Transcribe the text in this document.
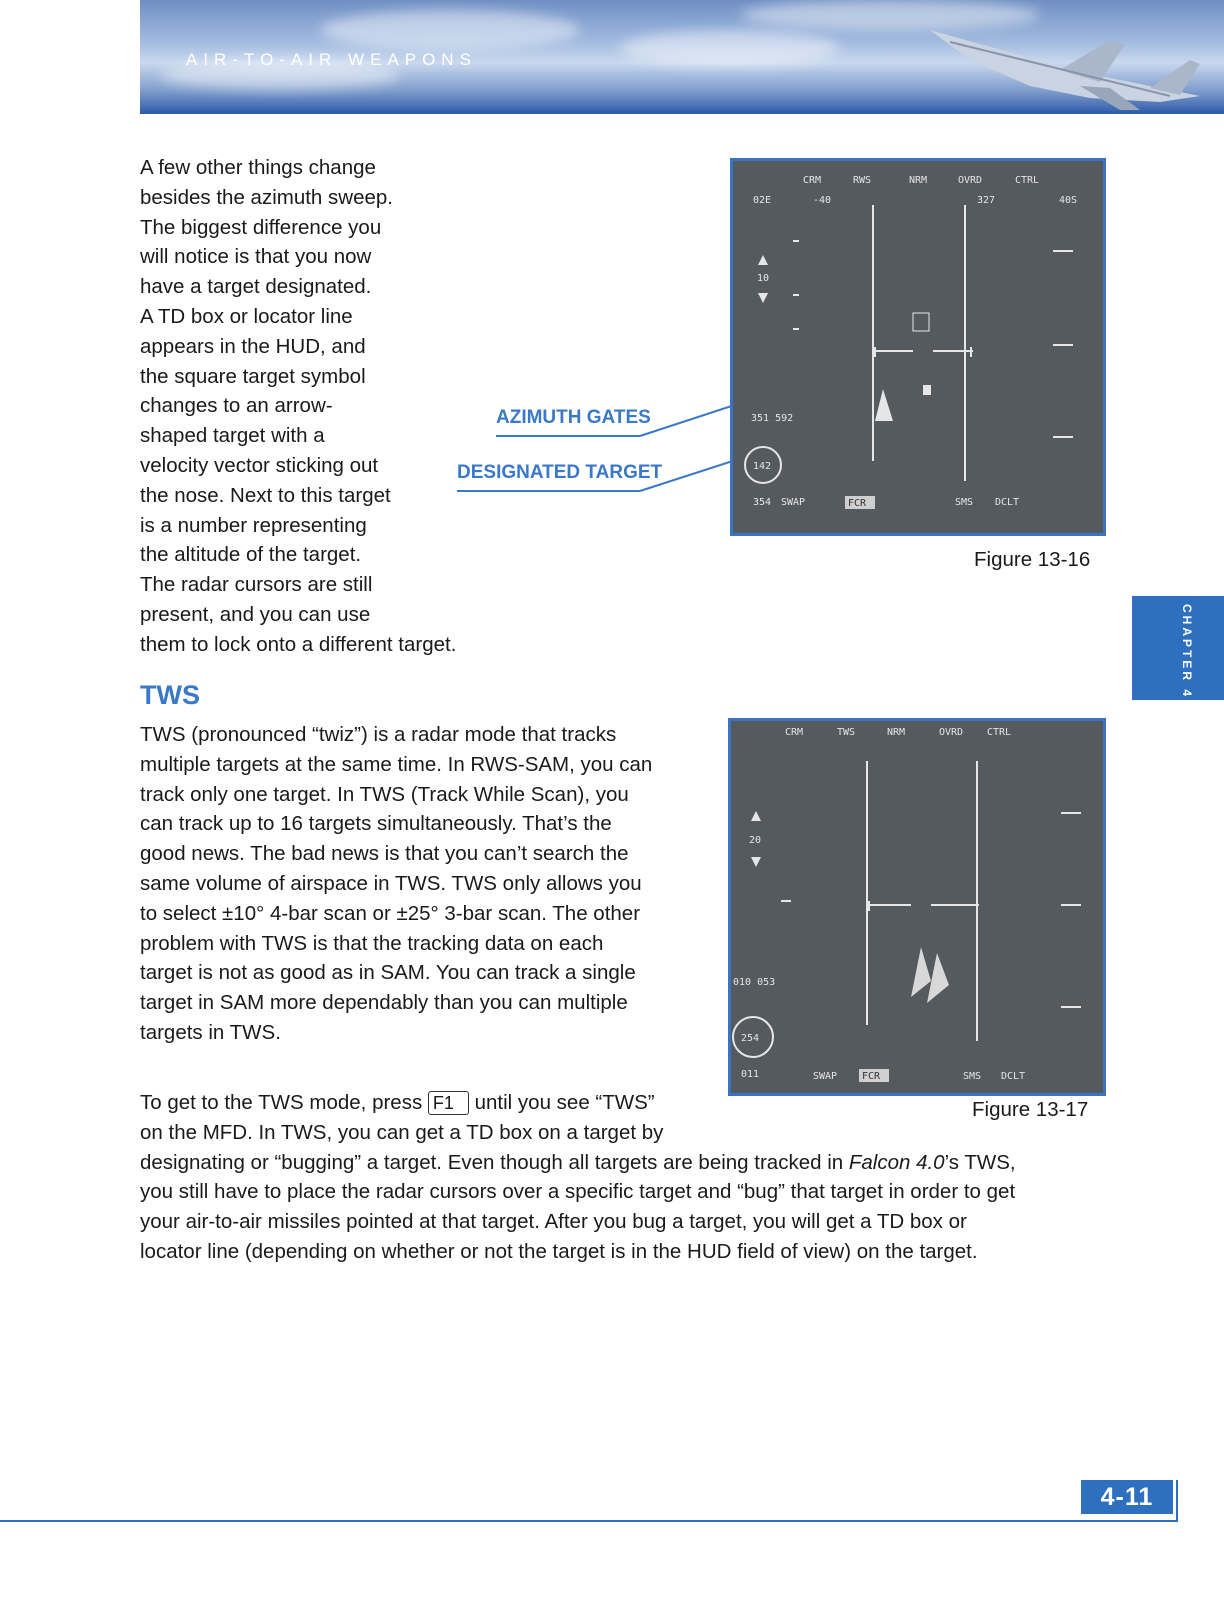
AIR-TO-AIR WEAPONS
A few other things change
besides the azimuth sweep.
The biggest difference you
will notice is that you now
have a target designated.
A TD box or locator line
appears in the HUD, and
the square target symbol
changes to an arrow-
shaped target with a
velocity vector sticking out
the nose. Next to this target
is a number representing
the altitude of the target.
The radar cursors are still
present, and you can use
them to lock onto a different target.
AZIMUTH GATES
DESIGNATED TARGET
CRM	RWS	NRM	OVRD	CTRL
02E	-40	327	40S
10
351 592
142
354 SWAP	FCR	SMS DCLT
Figure 13-16
CHAPTER 4
TWS
TWS (pronounced “twiz”) is a radar mode that tracks
multiple targets at the same time. In RWS-SAM, you can
track only one target. In TWS (Track While Scan), you
can track up to 16 targets simultaneously. That’s the
good news. The bad news is that you can’t search the
same volume of airspace in TWS. TWS only allows you
to select ±10° 4-bar scan or ±25° 3-bar scan. The other
problem with TWS is that the tracking data on each
target is not as good as in SAM. You can track a single
target in SAM more dependably than you can multiple
targets in TWS.
CRM	TWS	NRM	OVRD CTRL
20
010 053
254
011	SWAP FCR	SMS DCLT
Figure 13-17
To get to the TWS mode, press F1 until you see “TWS”
on the MFD. In TWS, you can get a TD box on a target by
designating or “bugging” a target. Even though all targets are being tracked in Falcon 4.0’s TWS,
you still have to place the radar cursors over a specific target and “bug” that target in order to get
your air-to-air missiles pointed at that target. After you bug a target, you will get a TD box or
locator line (depending on whether or not the target is in the HUD field of view) on the target.
4-11
